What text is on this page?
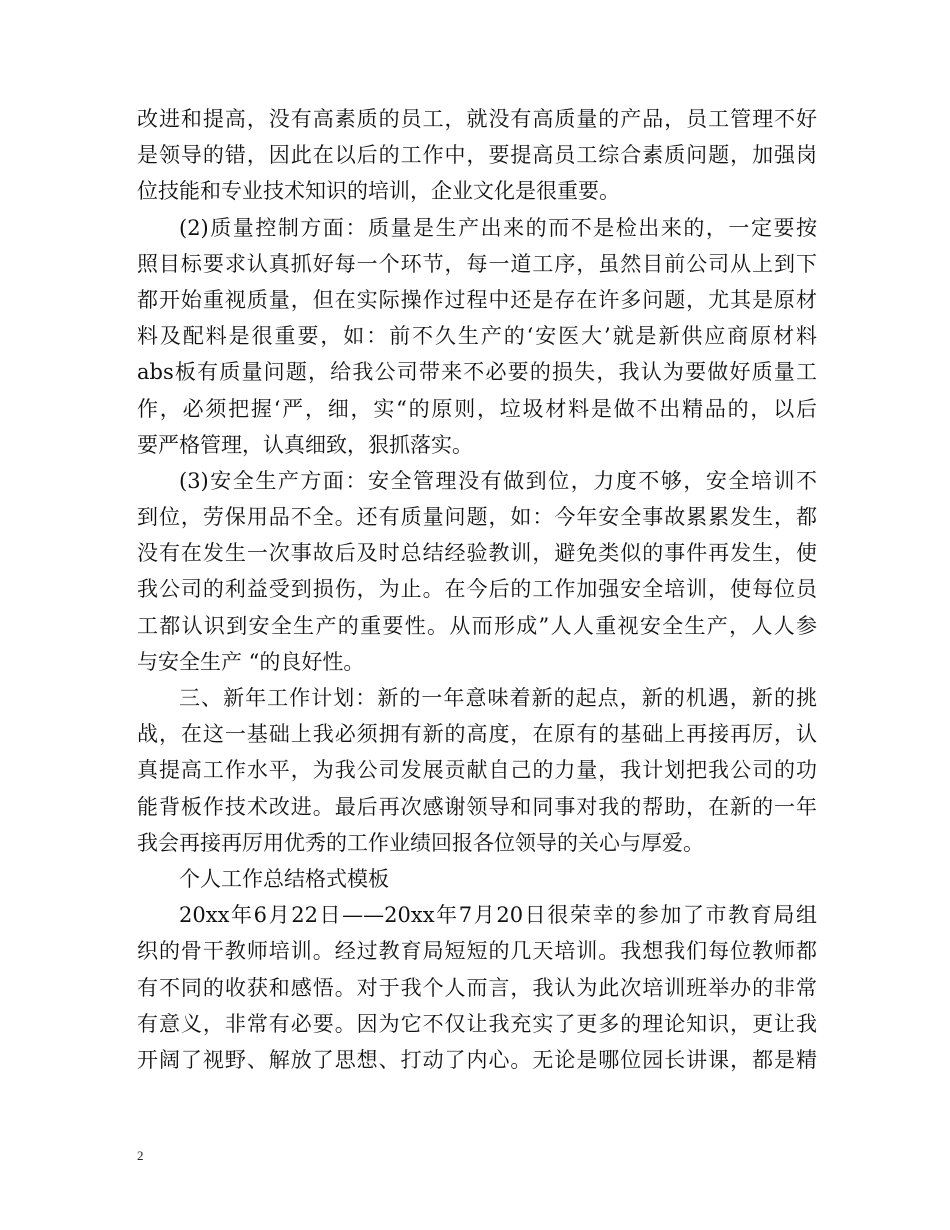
改进和提高，没有高素质的员工，就没有高质量的产品，员工管理不好
是领导的错，因此在以后的工作中，要提高员工综合素质问题，加强岗
位技能和专业技术知识的培训，企业文化是很重要。
(2)质量控制方面：质量是生产出来的而不是检出来的，一定要按
照目标要求认真抓好每一个环节，每一道工序，虽然目前公司从上到下
都开始重视质量，但在实际操作过程中还是存在许多问题，尤其是原材
料及配料是很重要，如：前不久生产的‘安医大’就是新供应商原材料
abs板有质量问题，给我公司带来不必要的损失，我认为要做好质量工
作，必须把握‘严，细，实“的原则，垃圾材料是做不出精品的，以后
要严格管理，认真细致，狠抓落实。
(3)安全生产方面：安全管理没有做到位，力度不够，安全培训不
到位，劳保用品不全。还有质量问题，如：今年安全事故累累发生，都
没有在发生一次事故后及时总结经验教训，避免类似的事件再发生，使
我公司的利益受到损伤，为止。在今后的工作加强安全培训，使每位员
工都认识到安全生产的重要性。从而形成”人人重视安全生产，人人参
与安全生产 “的良好性。
三、新年工作计划：新的一年意味着新的起点，新的机遇，新的挑
战，在这一基础上我必须拥有新的高度，在原有的基础上再接再厉，认
真提高工作水平，为我公司发展贡献自己的力量，我计划把我公司的功
能背板作技术改进。最后再次感谢领导和同事对我的帮助，在新的一年
我会再接再厉用优秀的工作业绩回报各位领导的关心与厚爱。
个人工作总结格式模板
20xx年6月22日——20xx年7月20日很荣幸的参加了市教育局组
织的骨干教师培训。经过教育局短短的几天培训。我想我们每位教师都
有不同的收获和感悟。对于我个人而言，我认为此次培训班举办的非常
有意义，非常有必要。因为它不仅让我充实了更多的理论知识，更让我
开阔了视野、解放了思想、打动了内心。无论是哪位园长讲课，都是精
2
